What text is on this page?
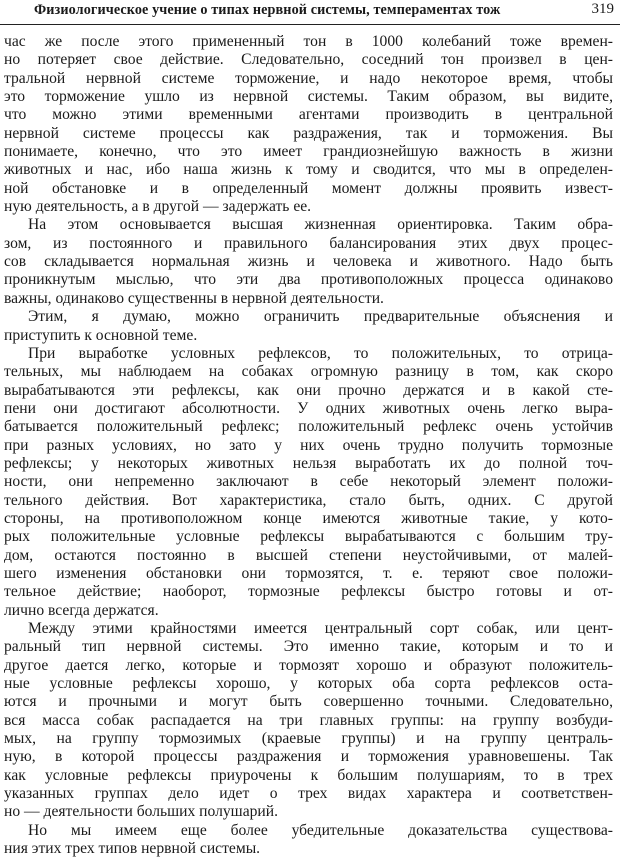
Физиологическое учение о типах нервной системы, темпераментах тож	319

час же после этого примененный тон в 1000 колебаний тоже времен-
но потеряет свое действие. Следовательно, соседний тон произвел в цен-
тральной нервной системе торможение, и надо некоторое время, чтобы
это торможение ушло из нервной системы. Таким образом, вы видите,
что можно этими временными агентами производить в центральной
нервной системе процессы как раздражения, так и торможения. Вы
понимаете, конечно, что это имеет грандиознейшую важность в жизни
животных и нас, ибо наша жизнь к тому и сводится, что мы в определен-
ной обстановке и в определенный момент должны проявить извест-
ную деятельность, а в другой — задержать ее.

На этом основывается высшая жизненная ориентировка. Таким обра-
зом, из постоянного и правильного балансирования этих двух процес-
сов складывается нормальная жизнь и человека и животного. Надо быть
проникнутым мыслью, что эти два противоположных процесса одинаково
важны, одинаково существенны в нервной деятельности.

Этим, я думаю, можно ограничить предварительные объяснения и
приступить к основной теме.

При выработке условных рефлексов, то положительных, то отрица-
тельных, мы наблюдаем на собаках огромную разницу в том, как скоро
вырабатываются эти рефлексы, как они прочно держатся и в какой сте-
пени они достигают абсолютности. У одних животных очень легко выра-
батывается положительный рефлекс; положительный рефлекс очень устойчив
при разных условиях, но зато у них очень трудно получить тормозные
рефлексы; у некоторых животных нельзя выработать их до полной точ-
ности, они непременно заключают в себе некоторый элемент положи-
тельного действия. Вот характеристика, стало быть, одних. С другой
стороны, на противоположном конце имеются животные такие, у кото-
рых положительные условные рефлексы вырабатываются с большим тру-
дом, остаются постоянно в высшей степени неустойчивыми, от малей-
шего изменения обстановки они тормозятся, т. е. теряют свое положи-
тельное действие; наоборот, тормозные рефлексы быстро готовы и от-
лично всегда держатся.

Между этими крайностями имеется центральный сорт собак, или цент-
ральный тип нервной системы. Это именно такие, которым и то и
другое дается легко, которые и тормозят хорошо и образуют положитель-
ные условные рефлексы хорошо, у которых оба сорта рефлексов оста-
ются и прочными и могут быть совершенно точными. Следовательно,
вся масса собак распадается на три главных группы: на группу возбуди-
мых, на группу тормозимых (краевые группы) и на группу централь-
ную, в которой процессы раздражения и торможения уравновешены. Так
как условные рефлексы приурочены к большим полушариям, то в трех
указанных группах дело идет о трех видах характера и соответствен-
но — деятельности больших полушарий.

Но мы имеем еще более убедительные доказательства существова-
ния этих трех типов нервной системы.
